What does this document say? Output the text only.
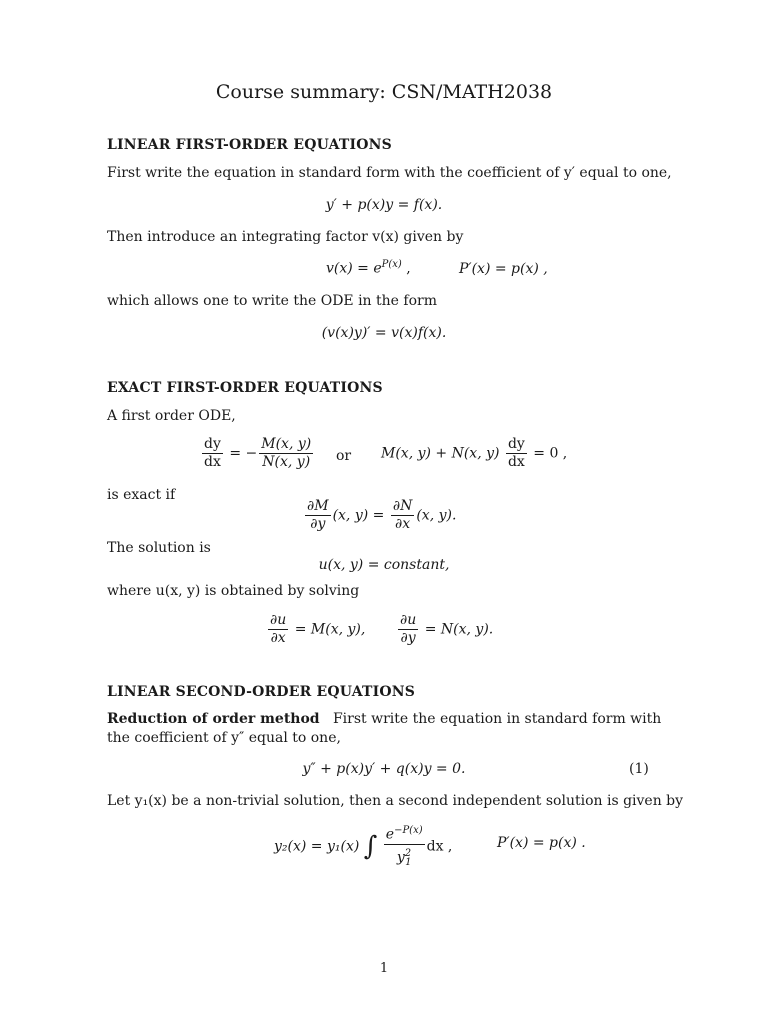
Course summary: CSN/MATH2038
LINEAR FIRST-ORDER EQUATIONS
First write the equation in standard form with the coefficient of y′ equal to one,
y′ + p(x)y = f(x).
Then introduce an integrating factor v(x) given by
$v(x) = e^{P(x)}$ ,	P′(x) = p(x) ,
which allows one to write the ODE in the form
(v(x)y)′ = v(x)f(x).
EXACT FIRST-ORDER EQUATIONS
A first order ODE,
$\frac{dy}{dx}$ = − $\frac{M(x, y)}{N(x, y)}$ or M(x, y) + N(x, $y) \frac{dy}{dx} = 0$ ,
is exact if
$\frac{\partial M}{\partial y} (x$, $y) = \frac{\partial N}{\partial x} (x$, y).
The solution is
u(x, y) = constant,
where u(x, y) is obtained by solving
$\frac{\partial u}{\partial x} = M(x$, y), $\frac{\partial u}{\partial y} = N(x$, y).
LINEAR SECOND-ORDER EQUATIONS
Reduction of order method First write the equation in standard form with
the coefficient of y″ equal to one,
y″ + p(x)y′ + q(x)y = 0.	(1)
Let y₁(x) be a non-trivial solution, then a second independent solution is given by
y₂(x) = y₁(x) ∫ $\frac{e^{-P(x)}}{y^2_1}$ dx ,	P′(x) = p(x) .
1
